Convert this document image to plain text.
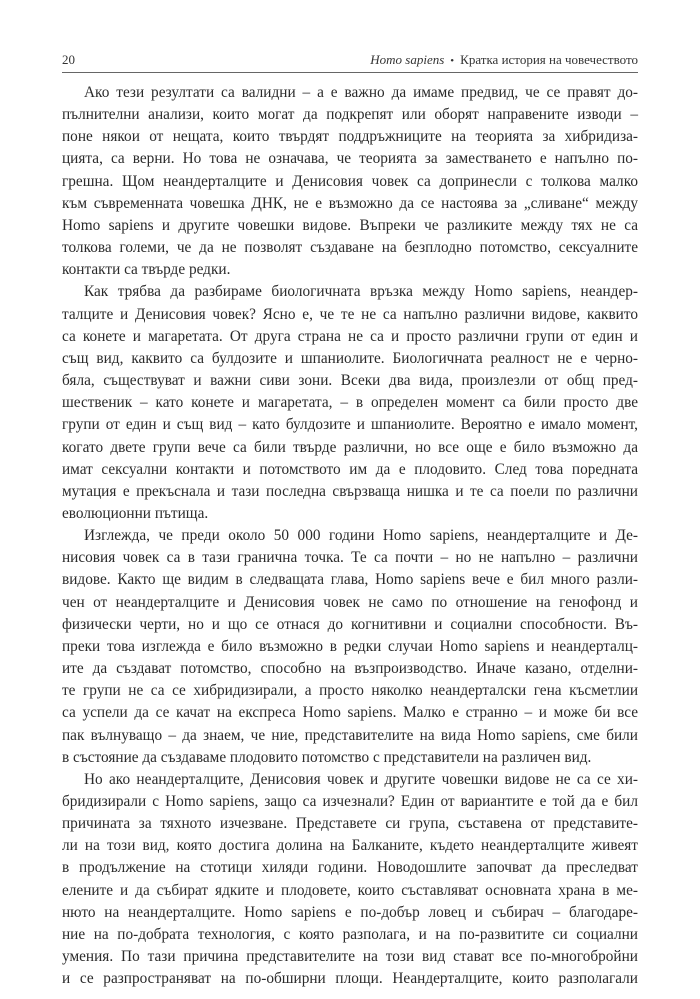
20	Homo sapiens • Кратка история на човечеството

Ако тези резултати са валидни – а е важно да имаме предвид, че се правят до-
пълнителни анализи, които могат да подкрепят или оборят направените изводи –
поне някои от нещата, които твърдят поддръжниците на теорията за хибридиза-
цията, са верни. Но това не означава, че теорията за заместването е напълно по-
грешна. Щом неандерталците и Денисовия човек са допринесли с толкова малко
към съвременната човешка ДНК, не е възможно да се настоява за „сливане“ между
Homo sapiens и другите човешки видове. Въпреки че разликите между тях не са
толкова големи, че да не позволят създаване на безплодно потомство, сексуалните
контакти са твърде редки.

Как трябва да разбираме биологичната връзка между Homo sapiens, неандер-
талците и Денисовия човек? Ясно е, че те не са напълно различни видове, каквито
са конете и магаретата. От друга страна не са и просто различни групи от един и
същ вид, каквито са булдозите и шпаниолите. Биологичната реалност не е черно-
бяла, съществуват и важни сиви зони. Всеки два вида, произлезли от общ пред-
шественик – като конете и магаретата, – в определен момент са били просто две
групи от един и същ вид – като булдозите и шпаниолите. Вероятно е имало момент,
когато двете групи вече са били твърде различни, но все още е било възможно да
имат сексуални контакти и потомството им да е плодовито. След това поредната
мутация е прекъснала и тази последна свързваща нишка и те са поели по различни
еволюционни пътища.

Изглежда, че преди около 50 000 години Homo sapiens, неандерталците и Де-
нисовия човек са в тази гранична точка. Те са почти – но не напълно – различни
видове. Както ще видим в следващата глава, Homo sapiens вече е бил много разли-
чен от неандерталците и Денисовия човек не само по отношение на генофонд и
физически черти, но и що се отнася до когнитивни и социални способности. Въ-
преки това изглежда е било възможно в редки случаи Homo sapiens и неандерталц-
ите да създават потомство, способно на възпроизводство. Иначе казано, отделни-
те групи не са се хибридизирали, а просто няколко неандерталски гена късметлии
са успели да се качат на експреса Homo sapiens. Малко е странно – и може би все
пак вълнуващо – да знаем, че ние, представителите на вида Homo sapiens, сме били
в състояние да създаваме плодовито потомство с представители на различен вид.

Но ако неандерталците, Денисовия човек и другите човешки видове не са се хи-
бридизирали с Homo sapiens, защо са изчезнали? Един от вариантите е той да е бил
причината за тяхното изчезване. Представете си група, съставена от представите-
ли на този вид, която достига долина на Балканите, където неандерталците живеят
в продължение на стотици хиляди години. Новодошлите започват да преследват
елените и да събират ядките и плодовете, които съставляват основната храна в ме-
нюто на неандерталците. Homo sapiens е по-добър ловец и събирач – благодаре-
ние на по-добрата технология, с която разполага, и на по-развитите си социални
умения. По тази причина представителите на този вид стават все по-многобройни
и се разпространяват на по-обширни площи. Неандерталците, които разполагали
